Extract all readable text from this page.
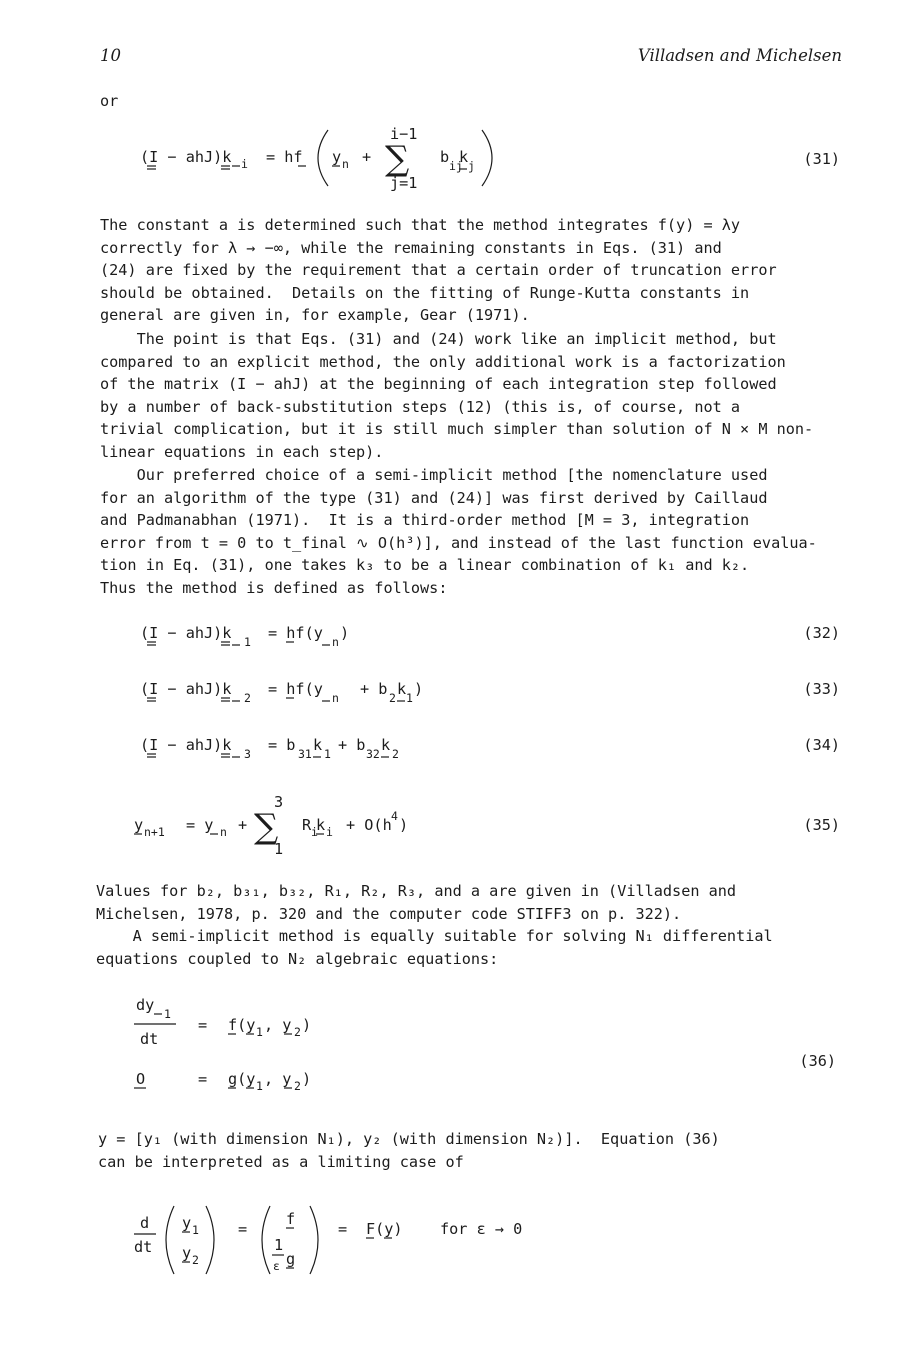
10	Villadsen and Michelsen
or
(I − ahJ)k i = hf y n +
i−1
∑
j=1
b ij
k j	(31)
The constant a is determined such that the method integrates f(y) = λy
correctly for λ → −∞, while the remaining constants in Eqs. (31) and
(24) are fixed by the requirement that a certain order of truncation error
should be obtained.  Details on the fitting of Runge-Kutta constants in
general are given in, for example, Gear (1971).
The point is that Eqs. (31) and (24) work like an implicit method, but
compared to an explicit method, the only additional work is a factorization
of the matrix (I − ahJ) at the beginning of each integration step followed
by a number of back-substitution steps (12) (this is, of course, not a
trivial complication, but it is still much simpler than solution of N × M non-
linear equations in each step).
Our preferred choice of a semi-implicit method [the nomenclature used
for an algorithm of the type (31) and (24)] was first derived by Caillaud
and Padmanabhan (1971).  It is a third-order method [M = 3, integration
error from t = 0 to t_final ∿ O(h³)], and instead of the last function evalua-
tion in Eq. (31), one takes k₃ to be a linear combination of k₁ and k₂.
Thus the method is defined as follows:
(I − ahJ)k 1 = hf(y n )	(32)
(I − ahJ)k 2 = hf(y n + b 2 k 1 )	(33)
(I − ahJ)k 3 = b 31 k 1 + b 32 k 2	(34)
y n+1 = y n +
3
∑
1
R i
k i + O(h 4 )	(35)
Values for b₂, b₃₁, b₃₂, R₁, R₂, R₃, and a are given in (Villadsen and
Michelsen, 1978, p. 320 and the computer code STIFF3 on p. 322).
A semi-implicit method is equally suitable for solving N₁ differential
equations coupled to N₂ algebraic equations:
dy 1
dt
= f(y 1 , y 2 )
O	= g(y 1 , y 2 )
(36)
y = [y₁ (with dimension N₁), y₂ (with dimension N₂)].  Equation (36)
can be interpreted as a limiting case of
d
dt
y 1
y 2
=
f
1
ε g
= F(y) for ε → 0
